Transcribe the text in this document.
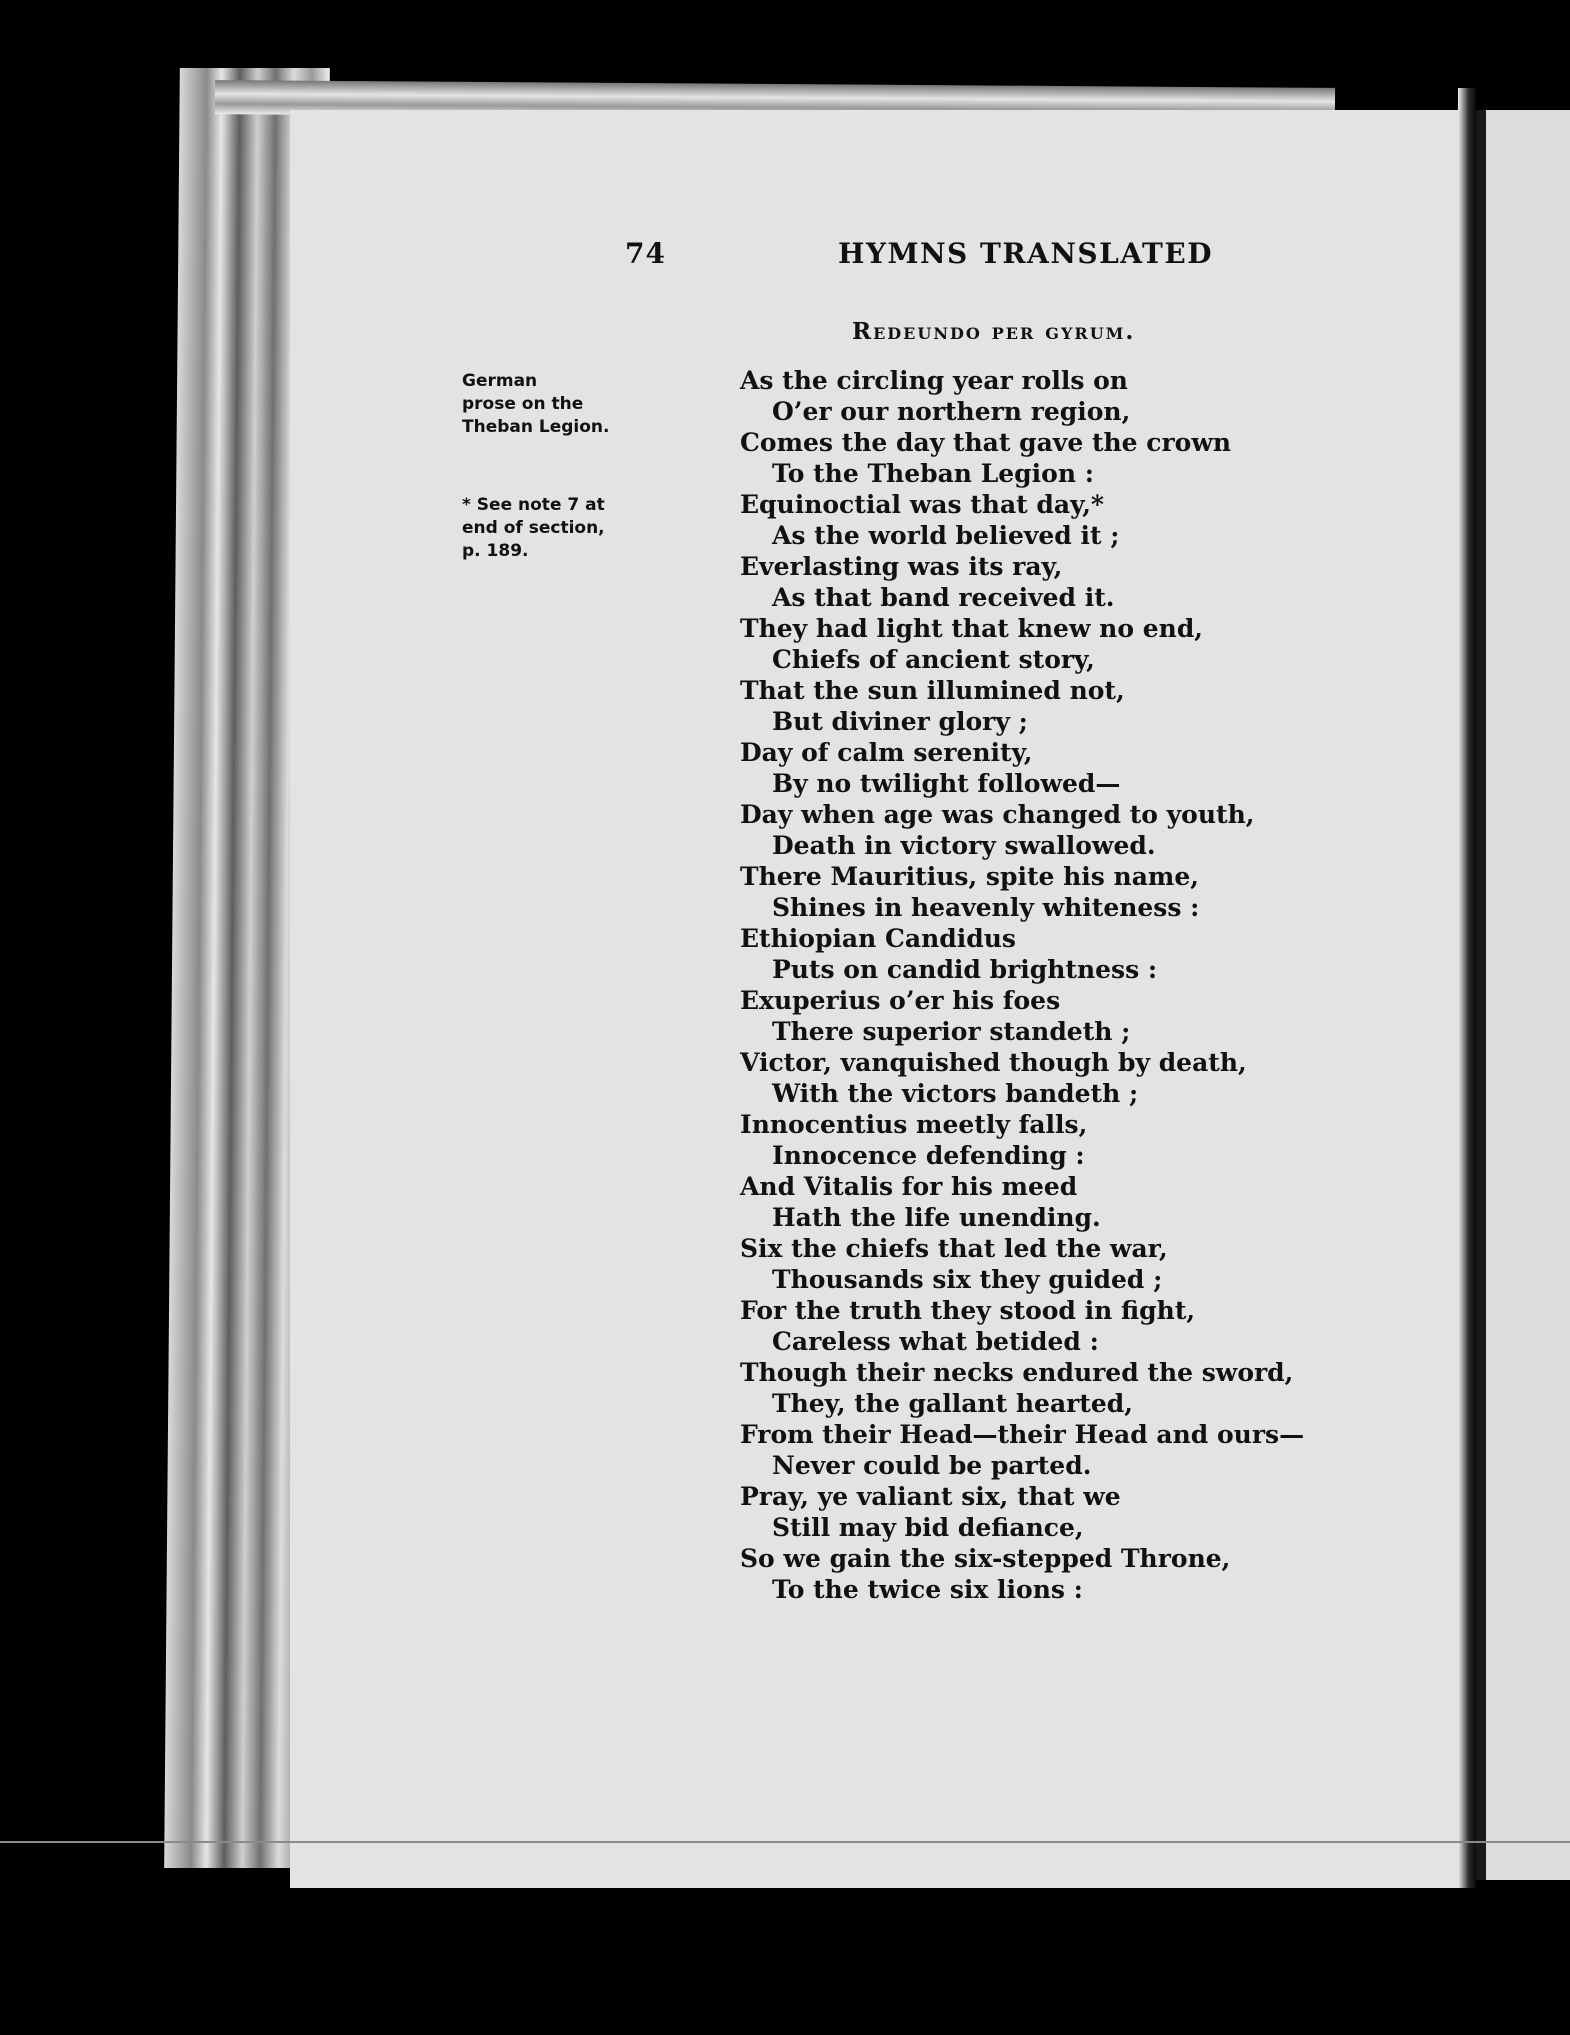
74	HYMNS TRANSLATED
Redeundo per gyrum.
German
prose on the
Theban Legion.
* See note 7 at
end of section,
p. 189.
As the circling year rolls on
O’er our northern region,
Comes the day that gave the crown
To the Theban Legion :
Equinoctial was that day,*
As the world believed it ;
Everlasting was its ray,
As that band received it.
They had light that knew no end,
Chiefs of ancient story,
That the sun illumined not,
But diviner glory ;
Day of calm serenity,
By no twilight followed—
Day when age was changed to youth,
Death in victory swallowed.
There Mauritius, spite his name,
Shines in heavenly whiteness :
Ethiopian Candidus
Puts on candid brightness :
Exuperius o’er his foes
There superior standeth ;
Victor, vanquished though by death,
With the victors bandeth ;
Innocentius meetly falls,
Innocence defending :
And Vitalis for his meed
Hath the life unending.
Six the chiefs that led the war,
Thousands six they guided ;
For the truth they stood in fight,
Careless what betided :
Though their necks endured the sword,
They, the gallant hearted,
From their Head—their Head and ours—
Never could be parted.
Pray, ye valiant six, that we
Still may bid defiance,
So we gain the six-stepped Throne,
To the twice six lions :
